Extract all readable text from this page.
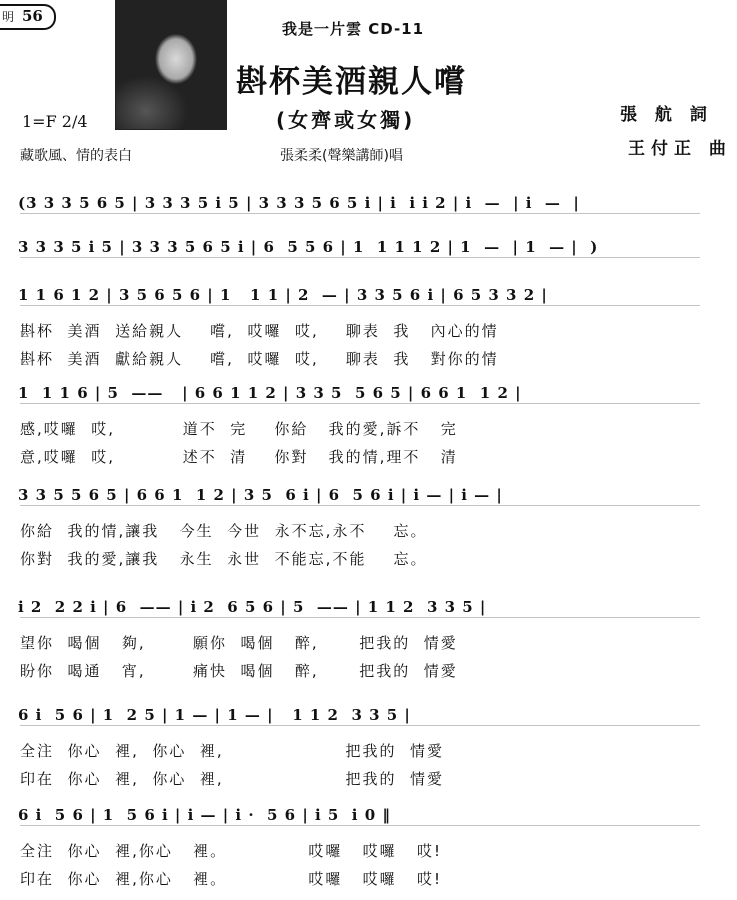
明 56
我是一片雲 CD-11
斟杯美酒親人嚐
(女齊或女獨)
張柔柔(聲樂講師)唱
1=F 2/4
藏歌風、情的表白
張 航 詞
王付正 曲
(3 3 3 5 6 5 | 3 3 3 5 i 5 | 3 3 3 5 6 5 i | i  i i 2 | i  —  | i  —  |
3 3 3 5 i 5 | 3 3 3 5 6 5 i | 6  5 5 6 | 1  1 1 1 2 | 1  —  | 1  — |  )
1 1 6 1 2 | 3 5 6 5 6 | 1   1 1 | 2  — | 3 3 5 6 i | 6 5 3 3 2 |
斟杯  美酒  送給親人    嚐,  哎囉  哎,    聊表  我   內心的情
斟杯  美酒  獻給親人    嚐,  哎囉  哎,    聊表  我   對你的情
1  1 1 6 | 5  ——   | 6 6 1 1 2 | 3 3 5  5 6 5 | 6 6 1  1 2 |
感,哎囉  哎,          道不  完    你給   我的愛,訴不   完
意,哎囉  哎,          述不  清    你對   我的情,理不   清
3 3 5 5 6 5 | 6 6 1  1 2 | 3 5  6 i | 6  5 6 i | i — | i — |
你給  我的情,讓我   今生  今世  永不忘,永不    忘。
你對  我的愛,讓我   永生  永世  不能忘,不能    忘。
i 2  2 2 i | 6  —— | i 2  6 5 6 | 5  —— | 1 1 2  3 3 5 |
望你  喝個   夠,       願你  喝個   醉,      把我的  情愛
盼你  喝通   宵,       痛快  喝個   醉,      把我的  情愛
6 i  5 6 | 1  2 5 | 1 — | 1 — |   1 1 2  3 3 5 |
全注  你心  裡,  你心  裡,                  把我的  情愛
印在  你心  裡,  你心  裡,                  把我的  情愛
6 i  5 6 | 1  5 6 i | i — | i ·  5 6 | i 5  i 0 ‖
全注  你心  裡,你心   裡。            哎囉   哎囉   哎!
印在  你心  裡,你心   裡。            哎囉   哎囉   哎!
